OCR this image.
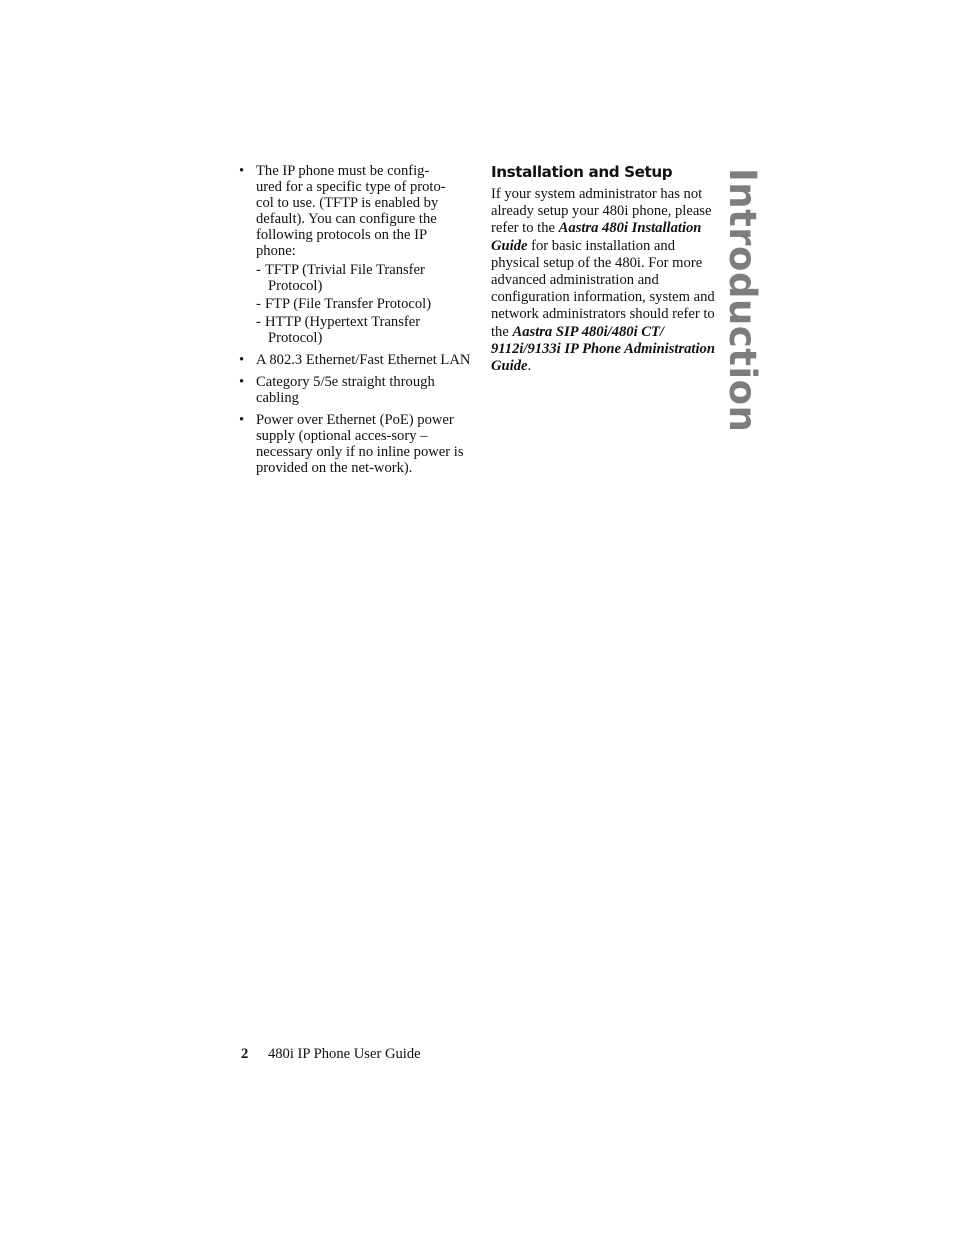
• The IP phone must be config-
ured for a specific type of proto-
col to use. (TFTP is enabled by
default). You can configure the
following protocols on the IP
phone:
- TFTP (Trivial File Transfer Protocol)
- FTP (File Transfer Protocol)
- HTTP (Hypertext Transfer Protocol)
• A 802.3 Ethernet/Fast Ethernet LAN
• Category 5/5e straight through cabling
• Power over Ethernet (PoE) power supply (optional acces-sory – necessary only if no inline power is provided on the net-work).
Installation and Setup
If your system administrator has not already setup your 480i phone, please refer to the Aastra 480i Installation Guide for basic installation and physical setup of the 480i. For more advanced administration and configuration information, system and network administrators should refer to the Aastra SIP 480i/480i CT/ 9112i/9133i IP Phone Administration Guide.	Introduction
2 480i IP Phone User Guide
